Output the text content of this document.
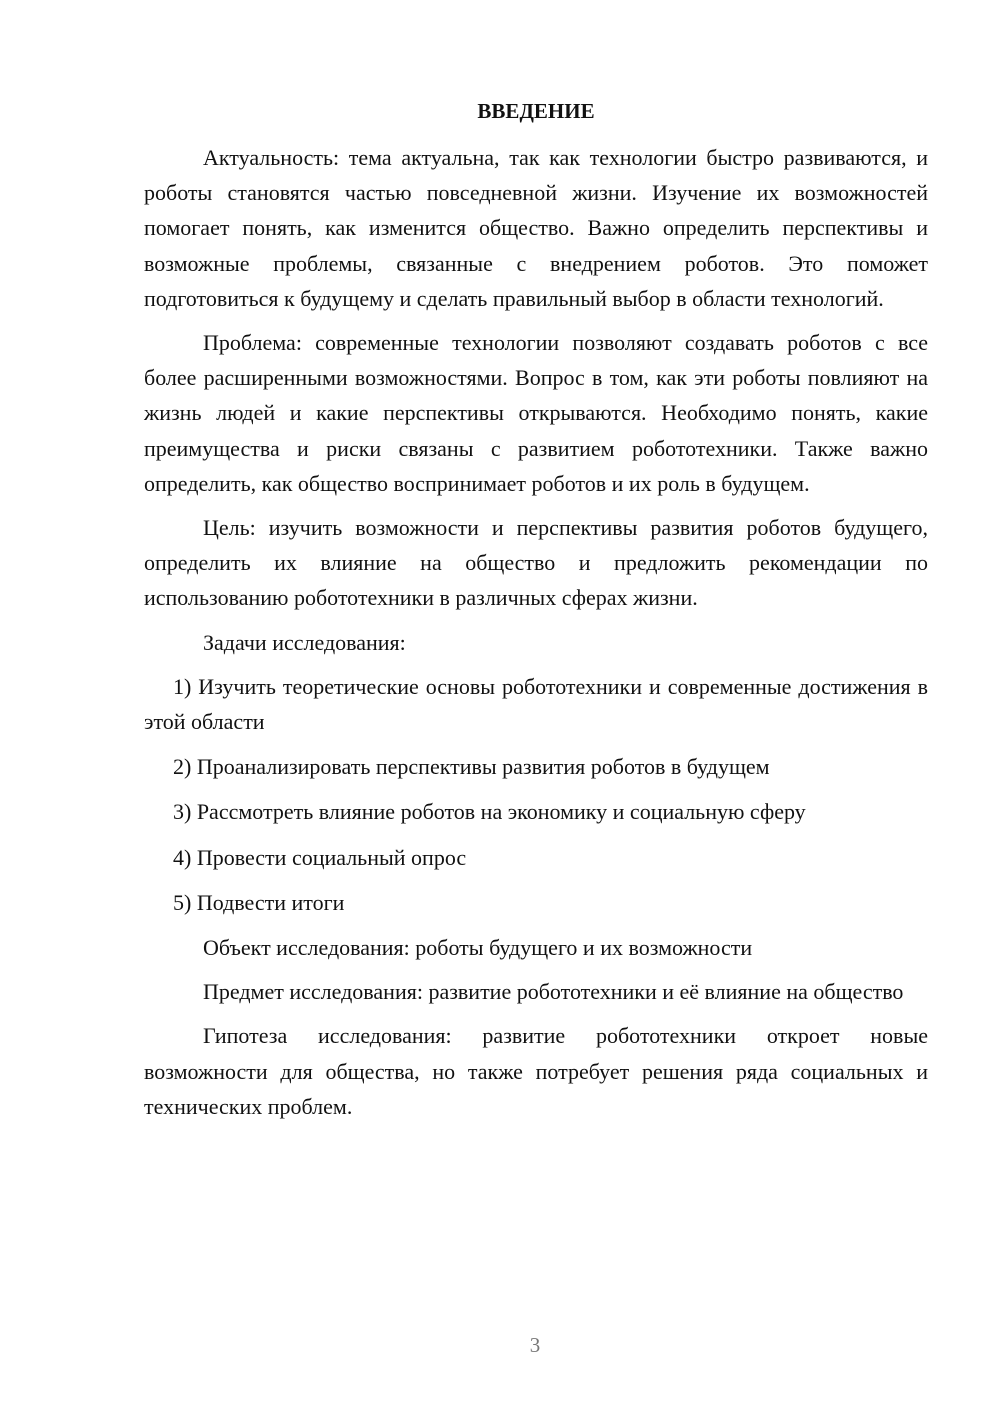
ВВЕДЕНИЕ

Актуальность: тема актуальна, так как технологии быстро развиваются, и роботы становятся частью повседневной жизни. Изучение их возможностей помогает понять, как изменится общество. Важно определить перспективы и возможные проблемы, связанные с внедрением роботов. Это поможет подготовиться к будущему и сделать правильный выбор в области технологий.

Проблема: современные технологии позволяют создавать роботов с все более расширенными возможностями. Вопрос в том, как эти роботы повлияют на жизнь людей и какие перспективы открываются. Необходимо понять, какие преимущества и риски связаны с развитием робототехники. Также важно определить, как общество воспринимает роботов и их роль в будущем.

Цель: изучить возможности и перспективы развития роботов будущего, определить их влияние на общество и предложить рекомендации по использованию робототехники в различных сферах жизни.

Задачи исследования:

1) Изучить теоретические основы робототехники и современные достижения в этой области

2) Проанализировать перспективы развития роботов в будущем

3) Рассмотреть влияние роботов на экономику и социальную сферу

4) Провести социальный опрос

5) Подвести итоги

Объект исследования: роботы будущего и их возможности

Предмет исследования: развитие робототехники и её влияние на общество

Гипотеза исследования: развитие робототехники откроет новые возможности для общества, но также потребует решения ряда социальных и технических проблем.

3
